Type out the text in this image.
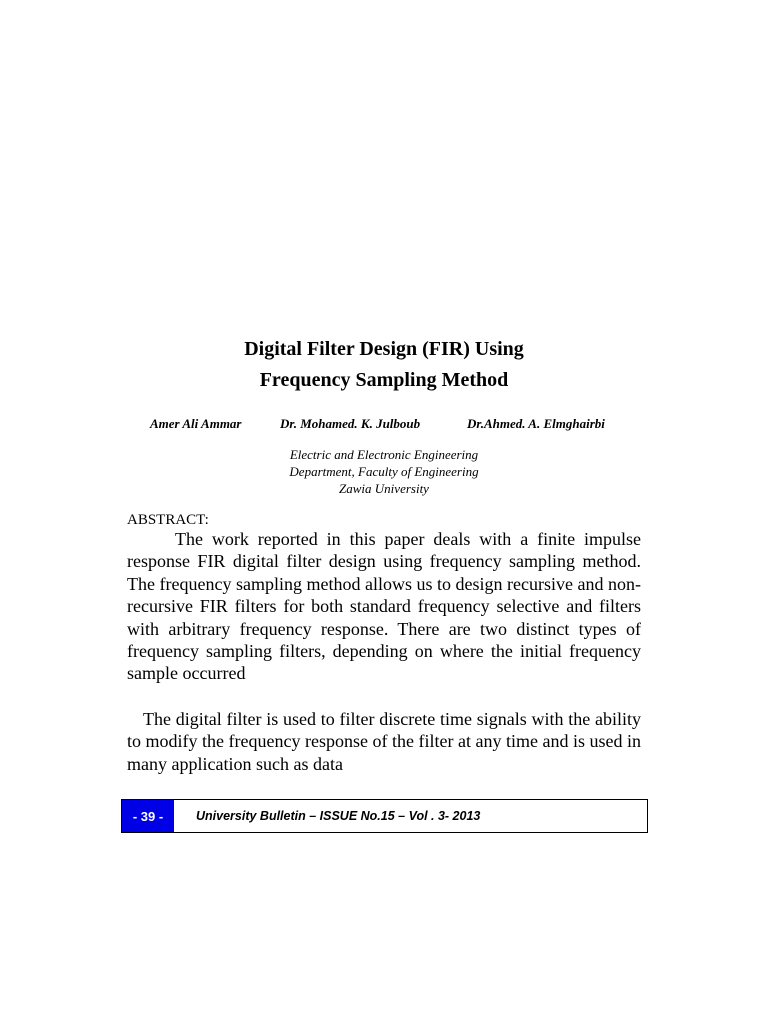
Digital Filter Design (FIR) Using
Frequency Sampling Method
Amer Ali Ammar	Dr. Mohamed. K. Julboub	Dr.Ahmed. A. Elmghairbi
Electric and Electronic Engineering
Department, Faculty of Engineering
Zawia University
ABSTRACT:
The work reported in this paper deals with a finite impulse response FIR digital filter design using frequency sampling method. The frequency sampling method allows us to design recursive and non-recursive FIR filters for both standard frequency selective and filters with arbitrary frequency response. There are two distinct types of frequency sampling filters, depending on where the initial frequency sample occurred
The digital filter is used to filter discrete time signals with the ability to modify the frequency response of the filter at any time and is used in many application such as data
- 39 -	University Bulletin – ISSUE No.15 – Vol . 3- 2013
